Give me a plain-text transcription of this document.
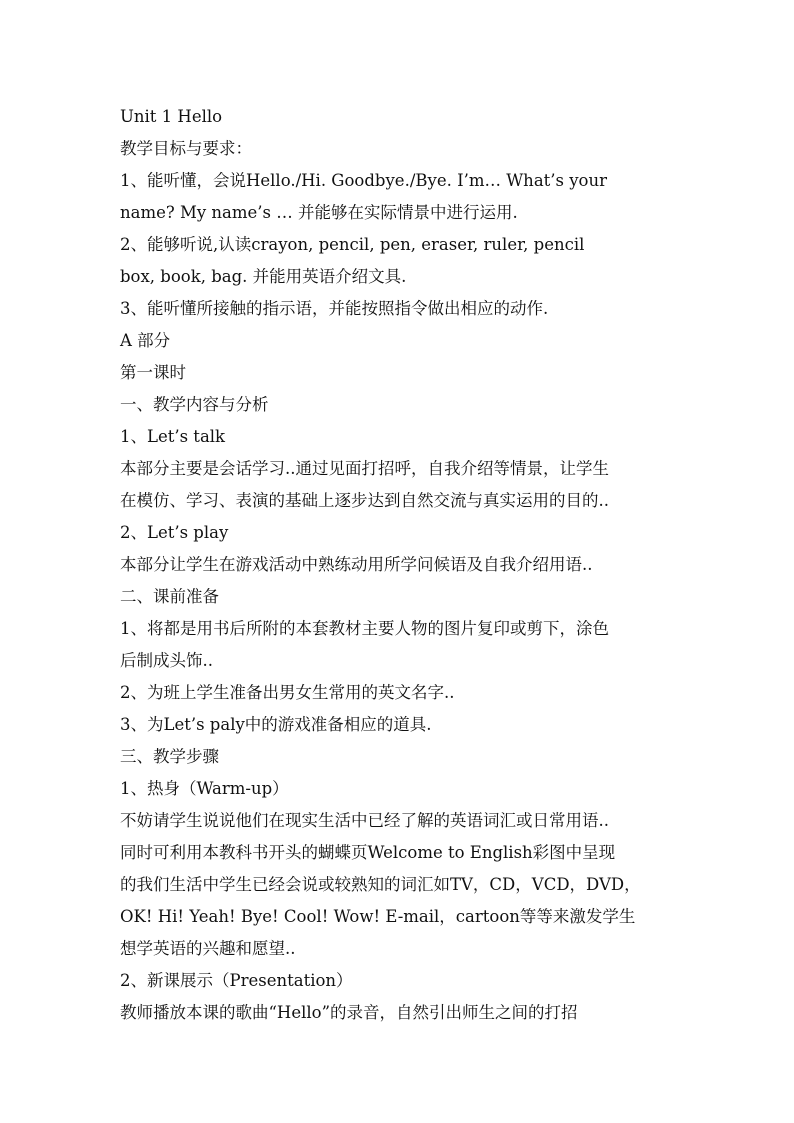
Unit 1 Hello
教学目标与要求：
1、能听懂，会说Hello./Hi. Goodbye./Bye. I’m… What’s your
name? My name’s … 并能够在实际情景中进行运用.
2、能够听说,认读crayon, pencil, pen, eraser, ruler, pencil
box, book, bag. 并能用英语介绍文具.
3、能听懂所接触的指示语，并能按照指令做出相应的动作.
A 部分
第一课时
一、教学内容与分析
1、Let’s talk
本部分主要是会话学习..通过见面打招呼，自我介绍等情景，让学生
在模仿、学习、表演的基础上逐步达到自然交流与真实运用的目的..
2、Let’s play
本部分让学生在游戏活动中熟练动用所学问候语及自我介绍用语..
二、课前准备
1、将都是用书后所附的本套教材主要人物的图片复印或剪下，涂色
后制成头饰..
2、为班上学生准备出男女生常用的英文名字..
3、为Let’s paly中的游戏准备相应的道具.
三、教学步骤
1、热身（Warm-up）
不妨请学生说说他们在现实生活中已经了解的英语词汇或日常用语..
同时可利用本教科书开头的蝴蝶页Welcome to English彩图中呈现
的我们生活中学生已经会说或较熟知的词汇如TV，CD，VCD，DVD，
OK! Hi! Yeah! Bye! Cool! Wow! E-mail，cartoon等等来激发学生
想学英语的兴趣和愿望..
2、新课展示（Presentation）
教师播放本课的歌曲“Hello”的录音，自然引出师生之间的打招
